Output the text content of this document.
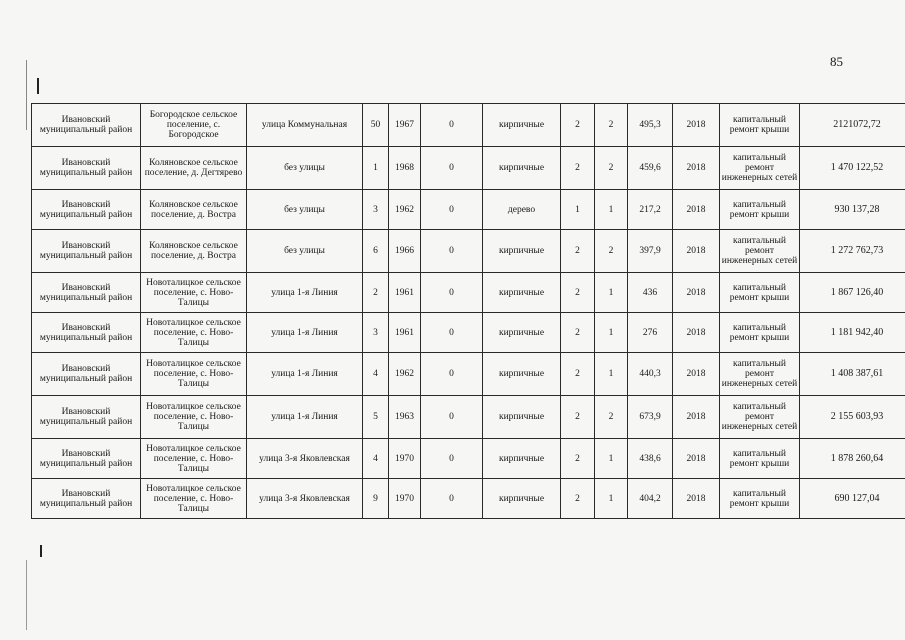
85
Ивановский муниципальный район	Богородское сельское поселение, с. Богородское	улица Коммунальная	50	1967	0	кирпичные	2	2	495,3	2018	капитальный ремонт крыши	2121072,72
Ивановский муниципальный район	Коляновское сельское поселение, д. Дегтярево	без улицы	1	1968	0	кирпичные	2	2	459,6	2018	капитальный ремонт инженерных сетей	1 470 122,52
Ивановский муниципальный район	Коляновское сельское поселение, д. Вострa	без улицы	3	1962	0	дерево	1	1	217,2	2018	капитальный ремонт крыши	930 137,28
Ивановский муниципальный район	Коляновское сельское поселение, д. Вострa	без улицы	6	1966	0	кирпичные	2	2	397,9	2018	капитальный ремонт инженерных сетей	1 272 762,73
Ивановский муниципальный район	Новоталицкое сельское поселение, с. Ново-Талицы	улица 1-я Линия	2	1961	0	кирпичные	2	1	436	2018	капитальный ремонт крыши	1 867 126,40
Ивановский муниципальный район	Новоталицкое сельское поселение, с. Ново-Талицы	улица 1-я Линия	3	1961	0	кирпичные	2	1	276	2018	капитальный ремонт крыши	1 181 942,40
Ивановский муниципальный район	Новоталицкое сельское поселение, с. Ново-Талицы	улица 1-я Линия	4	1962	0	кирпичные	2	1	440,3	2018	капитальный ремонт инженерных сетей	1 408 387,61
Ивановский муниципальный район	Новоталицкое сельское поселение, с. Ново-Талицы	улица 1-я Линия	5	1963	0	кирпичные	2	2	673,9	2018	капитальный ремонт инженерных сетей	2 155 603,93
Ивановский муниципальный район	Новоталицкое сельское поселение, с. Ново-Талицы	улица 3-я Яковлевская	4	1970	0	кирпичные	2	1	438,6	2018	капитальный ремонт крыши	1 878 260,64
Ивановский муниципальный район	Новоталицкое сельское поселение, с. Ново-Талицы	улица 3-я Яковлевская	9	1970	0	кирпичные	2	1	404,2	2018	капитальный ремонт крыши	690 127,04
